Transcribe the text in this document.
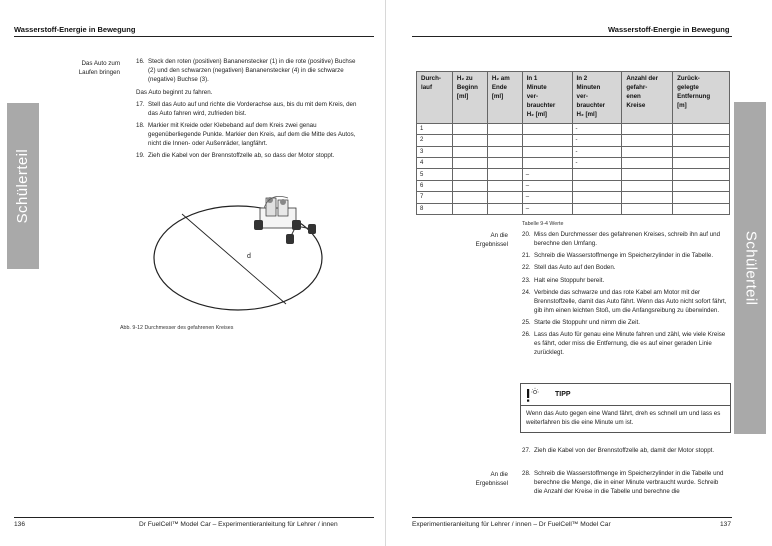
Wasserstoff-Energie in Bewegung
Schülerteil
Das Auto zum
Laufen bringen
16. Steck den roten (positiven) Bananenstecker (1) in die rote (positive) Buchse (2) und den schwarzen (negativen) Bananenstecker (4) in die schwarze (negative) Buchse (3).
Das Auto beginnt zu fahren.
17. Stell das Auto auf und richte die Vorderachse aus, bis du mit dem Kreis, den das Auto fahren wird, zufrieden bist.
18. Markier mit Kreide oder Klebeband auf dem Kreis zwei genau gegenüberliegende Punkte. Markier den Kreis, auf dem die Mitte des Autos, nicht die Innen- oder Außenräder, langfährt.
19. Zieh die Kabel von der Brennstoffzelle ab, so dass der Motor stoppt.
d
Abb. 9-12 Durchmesser des gefahrenen Kreises
136	Dr FuelCell™ Model Car – Experimentieranleitung für Lehrer / innen
Wasserstoff-Energie in Bewegung
Schülerteil
Durch-
lauf	H₂ zu
Beginn
[ml]	H₂ am
Ende
[ml]	In 1
Minute
ver-
brauchter
H₂ [ml]	In 2
Minuten
ver-
brauchter
H₂ [ml]	Anzahl der
gefahr-
enen
Kreise	Zurück-
gelegte
Entfernung
[m]
1				-		
2				-		
3				-		
4				-		
5			–			
6			–			
7			–			
8			–			
Tabelle 9-4 Werte
An die
Ergebnissel
20. Miss den Durchmesser des gefahrenen Kreises, schreib ihn auf und berechne den Umfang.
21. Schreib die Wasserstoffmenge im Speicherzylinder in die Tabelle.
22. Stell das Auto auf den Boden.
23. Halt eine Stoppuhr bereit.
24. Verbinde das schwarze und das rote Kabel am Motor mit der Brennstoffzelle, damit das Auto fährt. Wenn das Auto nicht sofort fährt, gib ihm einen leichten Stoß, um die Anfangsreibung zu überwinden.
25. Starte die Stoppuhr und nimm die Zeit.
26. Lass das Auto für genau eine Minute fahren und zähl, wie viele Kreise es fährt, oder miss die Entfernung, die es auf einer geraden Linie zurücklegt.
TIPP
Wenn das Auto gegen eine Wand fährt, dreh es schnell um und lass es weiterfahren bis die eine Minute um ist.
27. Zieh die Kabel von der Brennstoffzelle ab, damit der Motor stoppt.
An die
Ergebnissel
28. Schreib die Wasserstoffmenge im Speicherzylinder in die Tabelle und berechne die Menge, die in einer Minute verbraucht wurde. Schreib die Anzahl der Kreise in die Tabelle und berechne die
Experimentieranleitung für Lehrer / innen – Dr FuelCell™ Model Car	137
